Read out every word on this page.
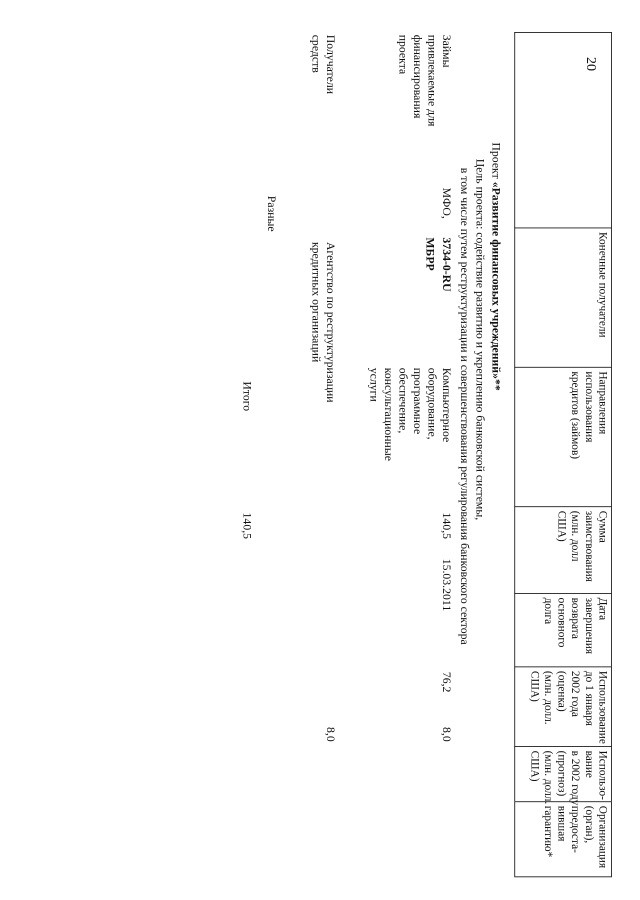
20
Конечные получатели
Направления
использования
кредитов (займов)
Сумма
заимствования
(млн. долл
США)
Дата
завершения
возврата
основного
долга
Использование
до 1 января
2002 года
(оценка)
(млн. долл.
США)
Использо-
вание
в 2002 году
(прогноз)
(млн. долл.
США)
Организация
(орган),
предоста-
вившая
гарантию*
Проект «Развитие финансовых учреждений»**
Цель проекта: содействие развитию и укреплению банковской системы,
в том числе путем реструктуризации и совершенствования регулирования банковского сектора
Займы
привлекаемые для
финансирования
проекта
МФО,
3734-0-RU
МБРР
Компьютерное
оборудование,
программное
обеспечение,
консультационные
услуги
140,5
15.03.2011
76,2
8,0
Получатели
средств
Агентство по реструктуризации
кредитных организаций
8,0
Разные
Итого
140,5
